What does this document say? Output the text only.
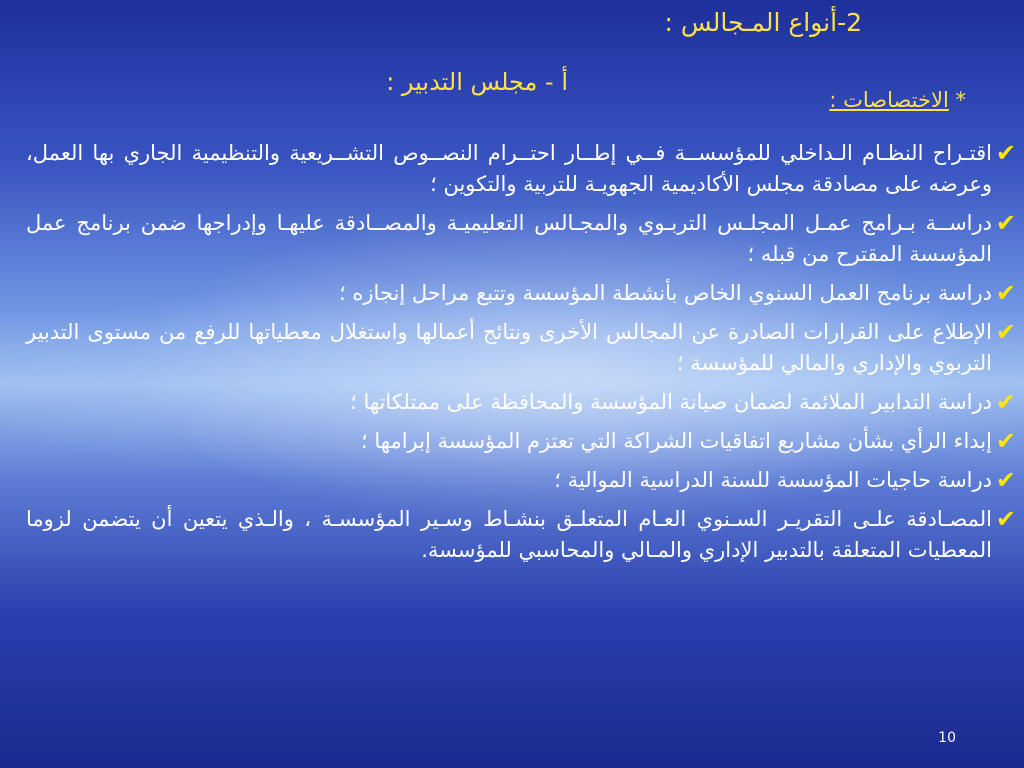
2-أنواع المـجالس :
أ - مجلس التدبير :
* الاختصاصات :
✔
اقتـراح النظـام الـداخلي للمؤسســة فــي إطــار احتــرام النصــوص التشــريعية والتنظيمية الجاري بها العمل، وعرضه على مصادقة مجلس الأكاديمية الجهويـة للتربية والتكوين ؛
✔
دراســة بـرامج عمـل المجلـس التربـوي والمجـالس التعليميـة والمصــادقة عليهـا وإدراجها ضمن برنامج عمل المؤسسة المقترح من قبله ؛
✔
دراسة برنامج العمل السنوي الخاص بأنشطة المؤسسة وتتبع مراحل إنجازه ؛
✔
الإطلاع على القرارات الصادرة عن المجالس الأخرى ونتائج أعمالها واستغلال معطياتها للرفع من مستوى التدبير التربوي والإداري والمالي للمؤسسة ؛
✔
دراسة التدابير الملائمة لضمان صيانة المؤسسة والمحافظة على ممتلكاتها ؛
✔
إبداء الرأي بشأن مشاريع اتفاقيات الشراكة التي تعتزم المؤسسة إبرامها ؛
✔
دراسة حاجيات المؤسسة للسنة الدراسية الموالية ؛
✔
المصـادقة علـى التقريـر السـنوي العـام المتعلـق بنشـاط وسـير المؤسسـة ، والـذي يتعين أن يتضمن لزوما المعطيات المتعلقة بالتدبير الإداري والمـالي والمحاسبي للمؤسسة.
10
